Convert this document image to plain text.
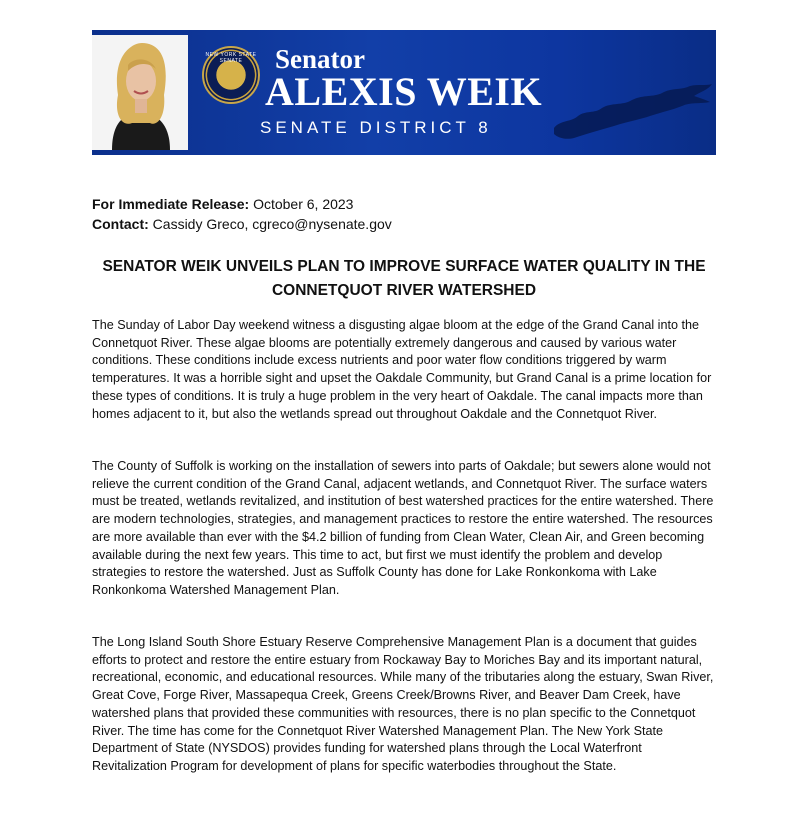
NEW YORK STATE SENATE	Senator
ALEXIS WEIK
SENATE DISTRICT 8
For Immediate Release: October 6, 2023
Contact: Cassidy Greco, cgreco@nysenate.gov
SENATOR WEIK UNVEILS PLAN TO IMPROVE SURFACE WATER QUALITY IN THE
CONNETQUOT RIVER WATERSHED

The Sunday of Labor Day weekend witness a disgusting algae bloom at the edge of the Grand Canal into the Connetquot River. These algae blooms are potentially extremely dangerous and caused by various water conditions. These conditions include excess nutrients and poor water flow conditions triggered by warm temperatures. It was a horrible sight and upset the Oakdale Community, but Grand Canal is a prime location for these types of conditions. It is truly a huge problem in the very heart of Oakdale. The canal impacts more than homes adjacent to it, but also the wetlands spread out throughout Oakdale and the Connetquot River.

The County of Suffolk is working on the installation of sewers into parts of Oakdale; but sewers alone would not relieve the current condition of the Grand Canal, adjacent wetlands, and Connetquot River. The surface waters must be treated, wetlands revitalized, and institution of best watershed practices for the entire watershed. There are modern technologies, strategies, and management practices to restore the entire watershed. The resources are more available than ever with the $4.2 billion of funding from Clean Water, Clean Air, and Green becoming available during the next few years. This time to act, but first we must identify the problem and develop strategies to restore the watershed. Just as Suffolk County has done for Lake Ronkonkoma with Lake Ronkonkoma Watershed Management Plan.

The Long Island South Shore Estuary Reserve Comprehensive Management Plan is a document that guides efforts to protect and restore the entire estuary from Rockaway Bay to Moriches Bay and its important natural, recreational, economic, and educational resources. While many of the tributaries along the estuary, Swan River, Great Cove, Forge River, Massapequa Creek, Greens Creek/Browns River, and Beaver Dam Creek, have watershed plans that provided these communities with resources, there is no plan specific to the Connetquot River. The time has come for the Connetquot River Watershed Management Plan. The New York State Department of State (NYSDOS) provides funding for watershed plans through the Local Waterfront Revitalization Program for development of plans for specific waterbodies throughout the State.
